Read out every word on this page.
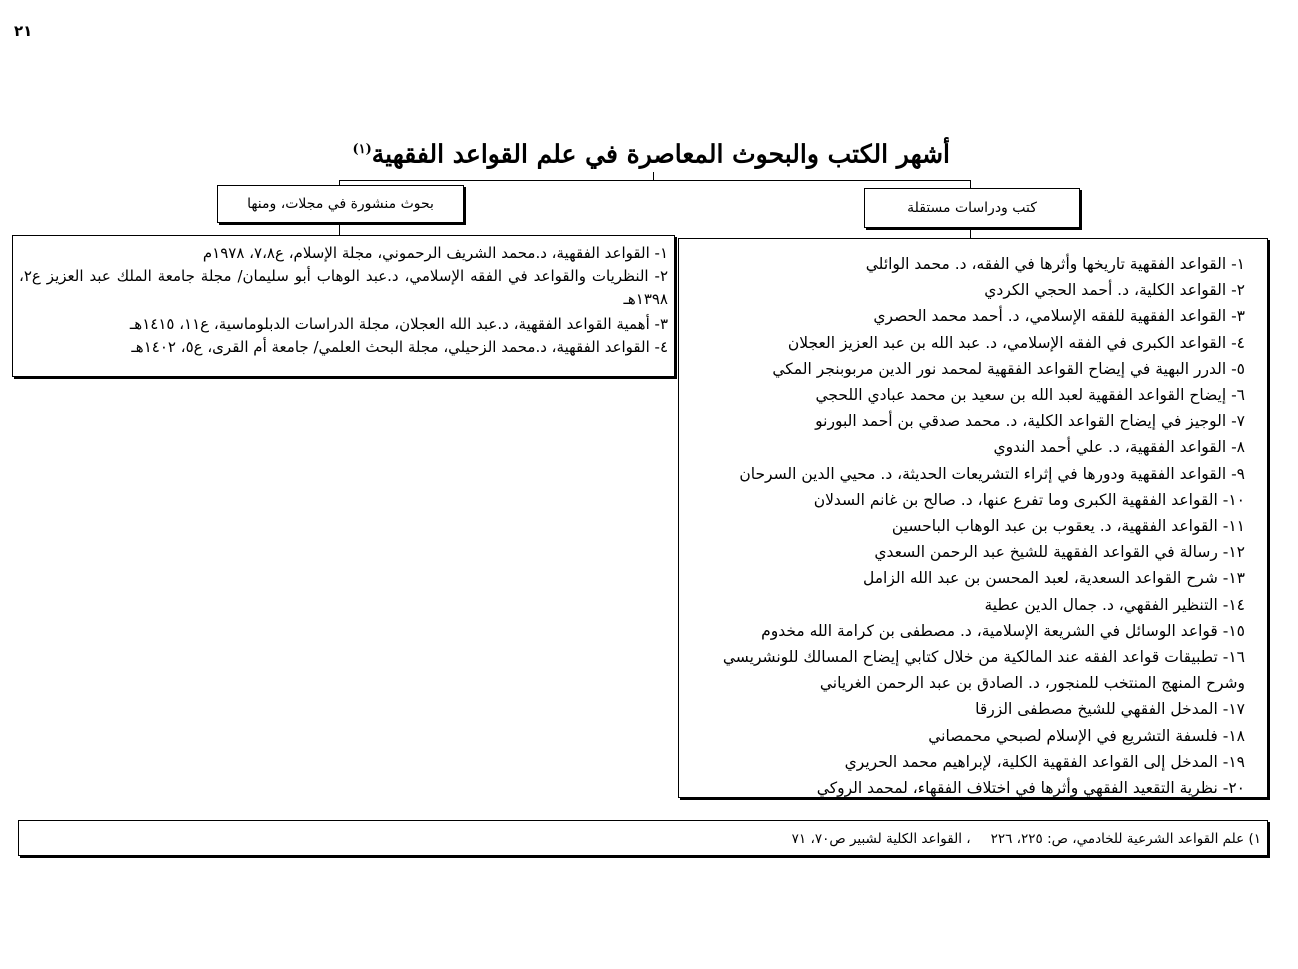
٢١
أشهر الكتب والبحوث المعاصرة في علم القواعد الفقهية$^{(١)}$
كتب ودراسات مستقلة
بحوث منشورة في مجلات، ومنها
١- القواعد الفقهية تاريخها وأثرها في الفقه، د. محمد الوائلي
٢- القواعد الكلية، د. أحمد الحجي الكردي
٣- القواعد الفقهية للفقه الإسلامي، د. أحمد محمد الحصري
٤- القواعد الكبرى في الفقه الإسلامي، د. عبد الله بن عبد العزيز العجلان
٥- الدرر البهية في إيضاح القواعد الفقهية لمحمد نور الدين مربوبنجر المكي
٦- إيضاح القواعد الفقهية لعبد الله بن سعيد بن محمد عبادي اللحجي
٧- الوجيز في إيضاح القواعد الكلية، د. محمد صدقي بن أحمد البورنو
٨- القواعد الفقهية، د. علي أحمد الندوي
٩- القواعد الفقهية ودورها في إثراء التشريعات الحديثة، د. محيي الدين السرحان
١٠- القواعد الفقهية الكبرى وما تفرع عنها، د. صالح بن غانم السدلان
١١- القواعد الفقهية، د. يعقوب بن عبد الوهاب الباحسين
١٢- رسالة في القواعد الفقهية للشيخ عبد الرحمن السعدي
١٣- شرح القواعد السعدية، لعبد المحسن بن عبد الله الزامل
١٤- التنظير الفقهي، د. جمال الدين عطية
١٥- قواعد الوسائل في الشريعة الإسلامية، د. مصطفى بن كرامة الله مخدوم
١٦- تطبيقات قواعد الفقه عند المالكية من خلال كتابي إيضاح المسالك للونشريسي
وشرح المنهج المنتخب للمنجور، د. الصادق بن عبد الرحمن الغرياني
١٧- المدخل الفقهي للشيخ مصطفى الزرقا
١٨- فلسفة التشريع في الإسلام لصبحي محمصاني
١٩- المدخل إلى القواعد الفقهية الكلية، لإبراهيم محمد الحريري
٢٠- نظرية التقعيد الفقهي وأثرها في اختلاف الفقهاء، لمحمد الروكي
١- القواعد الفقهية، د.محمد الشريف الرحموني، مجلة الإسلام، ع٧،٨، ١٩٧٨م
٢- النظريات والقواعد في الفقه الإسلامي، د.عبد الوهاب أبو سليمان/ مجلة جامعة الملك عبد العزيز ع٢، ١٣٩٨هـ
٣- أهمية القواعد الفقهية، د.عبد الله العجلان، مجلة الدراسات الدبلوماسية، ع١١، ١٤١٥هـ
٤- القواعد الفقهية، د.محمد الزحيلي، مجلة البحث العلمي/ جامعة أم القرى، ع٥، ١٤٠٢هـ
١) علم القواعد الشرعية للخادمي، ص: ٢٢٥، ٢٢٦، القواعد الكلية لشبير ص٧٠، ٧١
